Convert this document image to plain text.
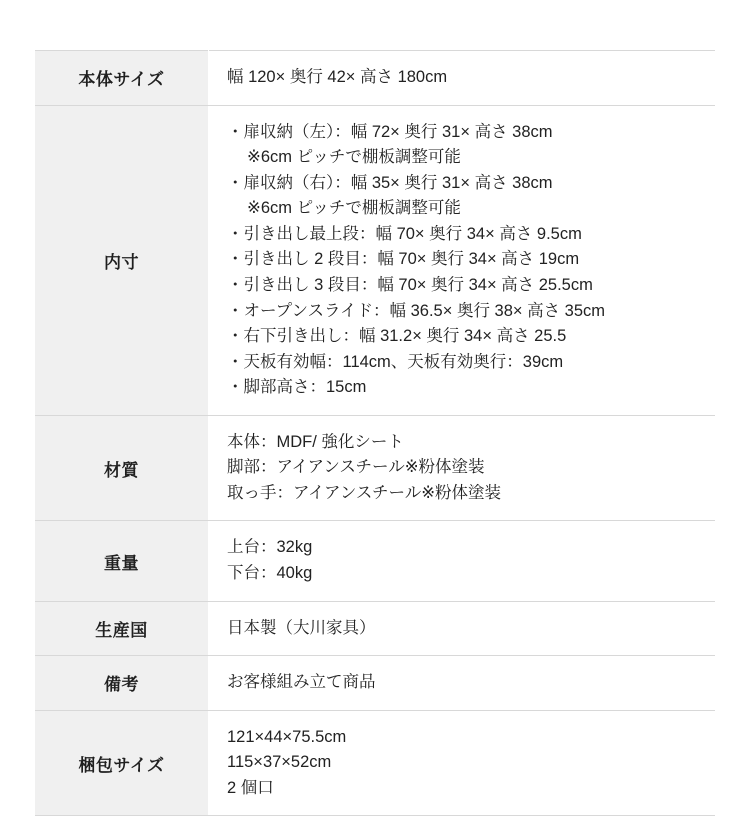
本体サイズ	幅 120× 奥行 42× 高さ 180cm

内寸	
・扉収納（左）：幅 72× 奥行 31× 高さ 38cm
※6cm ピッチで棚板調整可能
・扉収納（右）：幅 35× 奥行 31× 高さ 38cm
※6cm ピッチで棚板調整可能
・引き出し最上段：幅 70× 奥行 34× 高さ 9.5cm
・引き出し 2 段目：幅 70× 奥行 34× 高さ 19cm
・引き出し 3 段目：幅 70× 奥行 34× 高さ 25.5cm
・オープンスライド：幅 36.5× 奥行 38× 高さ 35cm
・右下引き出し：幅 31.2× 奥行 34× 高さ 25.5
・天板有効幅：114cm、天板有効奥行：39cm
・脚部高さ：15cm

材質	本体：MDF/ 強化シート
脚部：アイアンスチール※粉体塗装
取っ手：アイアンスチール※粉体塗装

重量	上台：32kg
下台：40kg

生産国	日本製（大川家具）

備考	お客様組み立て商品

梱包サイズ	121×44×75.5cm
115×37×52cm
2 個口
